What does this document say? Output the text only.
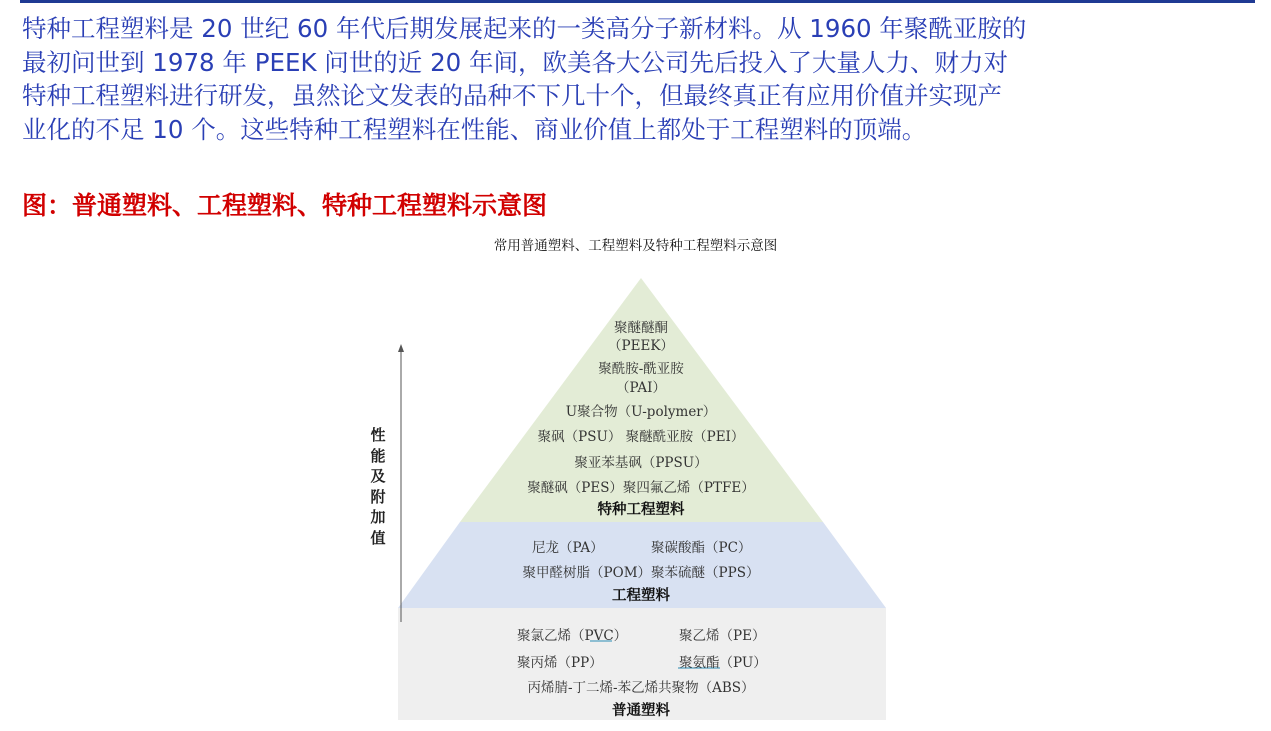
特种工程塑料是 20 世纪 60 年代后期发展起来的一类高分子新材料。从 1960 年聚酰亚胺的
最初问世到 1978 年 PEEK 问世的近 20 年间，欧美各大公司先后投入了大量人力、财力对
特种工程塑料进行研发，虽然论文发表的品种不下几十个，但最终真正有应用价值并实现产
业化的不足 10 个。这些特种工程塑料在性能、商业价值上都处于工程塑料的顶端。
图：普通塑料、工程塑料、特种工程塑料示意图
常用普通塑料、工程塑料及特种工程塑料示意图
性
能
及
附
加
值
聚醚醚酮
（PEEK）
聚酰胺-酰亚胺
（PAI）
U聚合物（U-polymer）
聚砜（PSU） 聚醚酰亚胺（PEI）
聚亚苯基砜（PPSU）
聚醚砜（PES）聚四氟乙烯（PTFE）
特种工程塑料
尼龙（PA）	聚碳酸酯（PC）
聚甲醛树脂（POM）聚苯硫醚（PPS）
工程塑料
聚氯乙烯（PVC）	聚乙烯（PE）
聚丙烯（PP）	聚氨酯（PU）
丙烯腈-丁二烯-苯乙烯共聚物（ABS）
普通塑料
